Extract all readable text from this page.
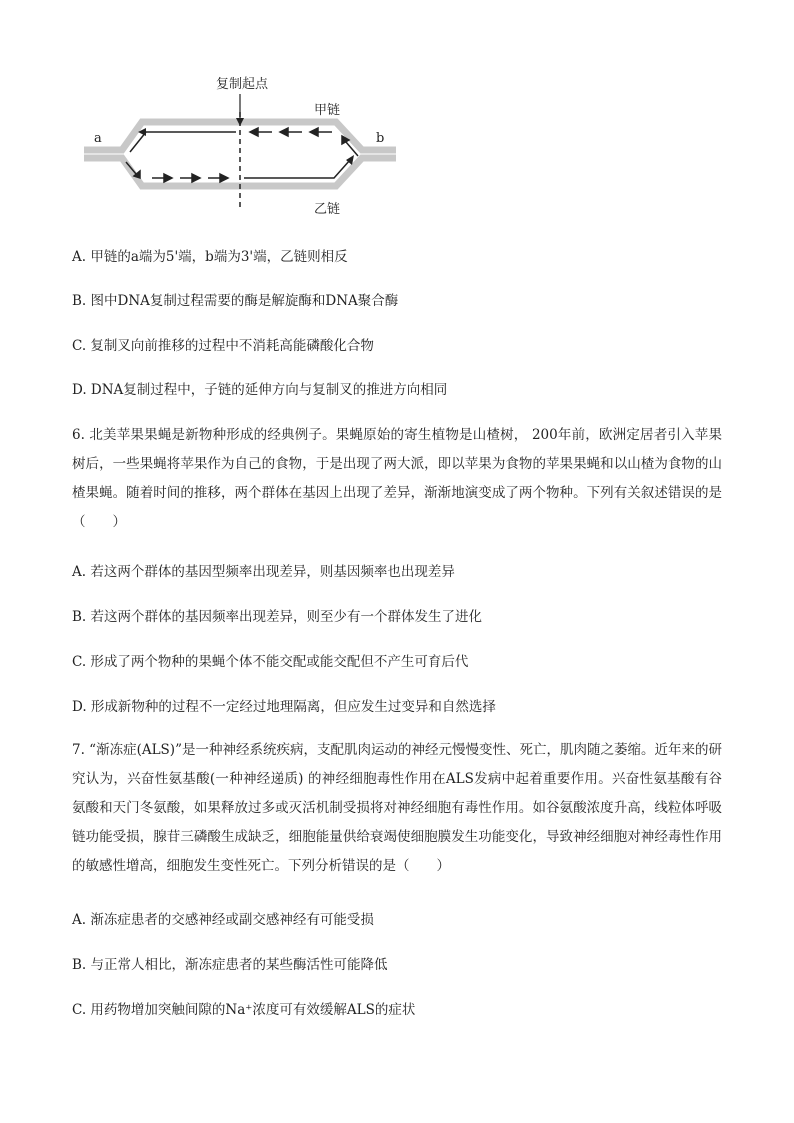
复制起点
甲链
乙链
a	b
A. 甲链的a端为5'端，b端为3'端，乙链则相反
B. 图中DNA复制过程需要的酶是解旋酶和DNA聚合酶
C. 复制叉向前推移的过程中不消耗高能磷酸化合物
D. DNA复制过程中，子链的延伸方向与复制叉的推进方向相同
6. 北美苹果果蝇是新物种形成的经典例子。果蝇原始的寄生植物是山楂树， 200年前，欧洲定居者引入苹果树后，一些果蝇将苹果作为自己的食物，于是出现了两大派，即以苹果为食物的苹果果蝇和以山楂为食物的山楂果蝇。随着时间的推移，两个群体在基因上出现了差异，渐渐地演变成了两个物种。下列有关叙述错误的是（　　）
A. 若这两个群体的基因型频率出现差异，则基因频率也出现差异
B. 若这两个群体的基因频率出现差异，则至少有一个群体发生了进化
C. 形成了两个物种的果蝇个体不能交配或能交配但不产生可育后代
D. 形成新物种的过程不一定经过地理隔离，但应发生过变异和自然选择
7. “渐冻症(ALS)”是一种神经系统疾病，支配肌肉运动的神经元慢慢变性、死亡，肌肉随之萎缩。近年来的研究认为，兴奋性氨基酸(一种神经递质) 的神经细胞毒性作用在ALS发病中起着重要作用。兴奋性氨基酸有谷氨酸和天门冬氨酸，如果释放过多或灭活机制受损将对神经细胞有毒性作用。如谷氨酸浓度升高，线粒体呼吸链功能受损，腺苷三磷酸生成缺乏，细胞能量供给衰竭使细胞膜发生功能变化，导致神经细胞对神经毒性作用的敏感性增高，细胞发生变性死亡。下列分析错误的是（　　）
A. 渐冻症患者的交感神经或副交感神经有可能受损
B. 与正常人相比，渐冻症患者的某些酶活性可能降低
C. 用药物增加突触间隙的Na⁺浓度可有效缓解ALS的症状
